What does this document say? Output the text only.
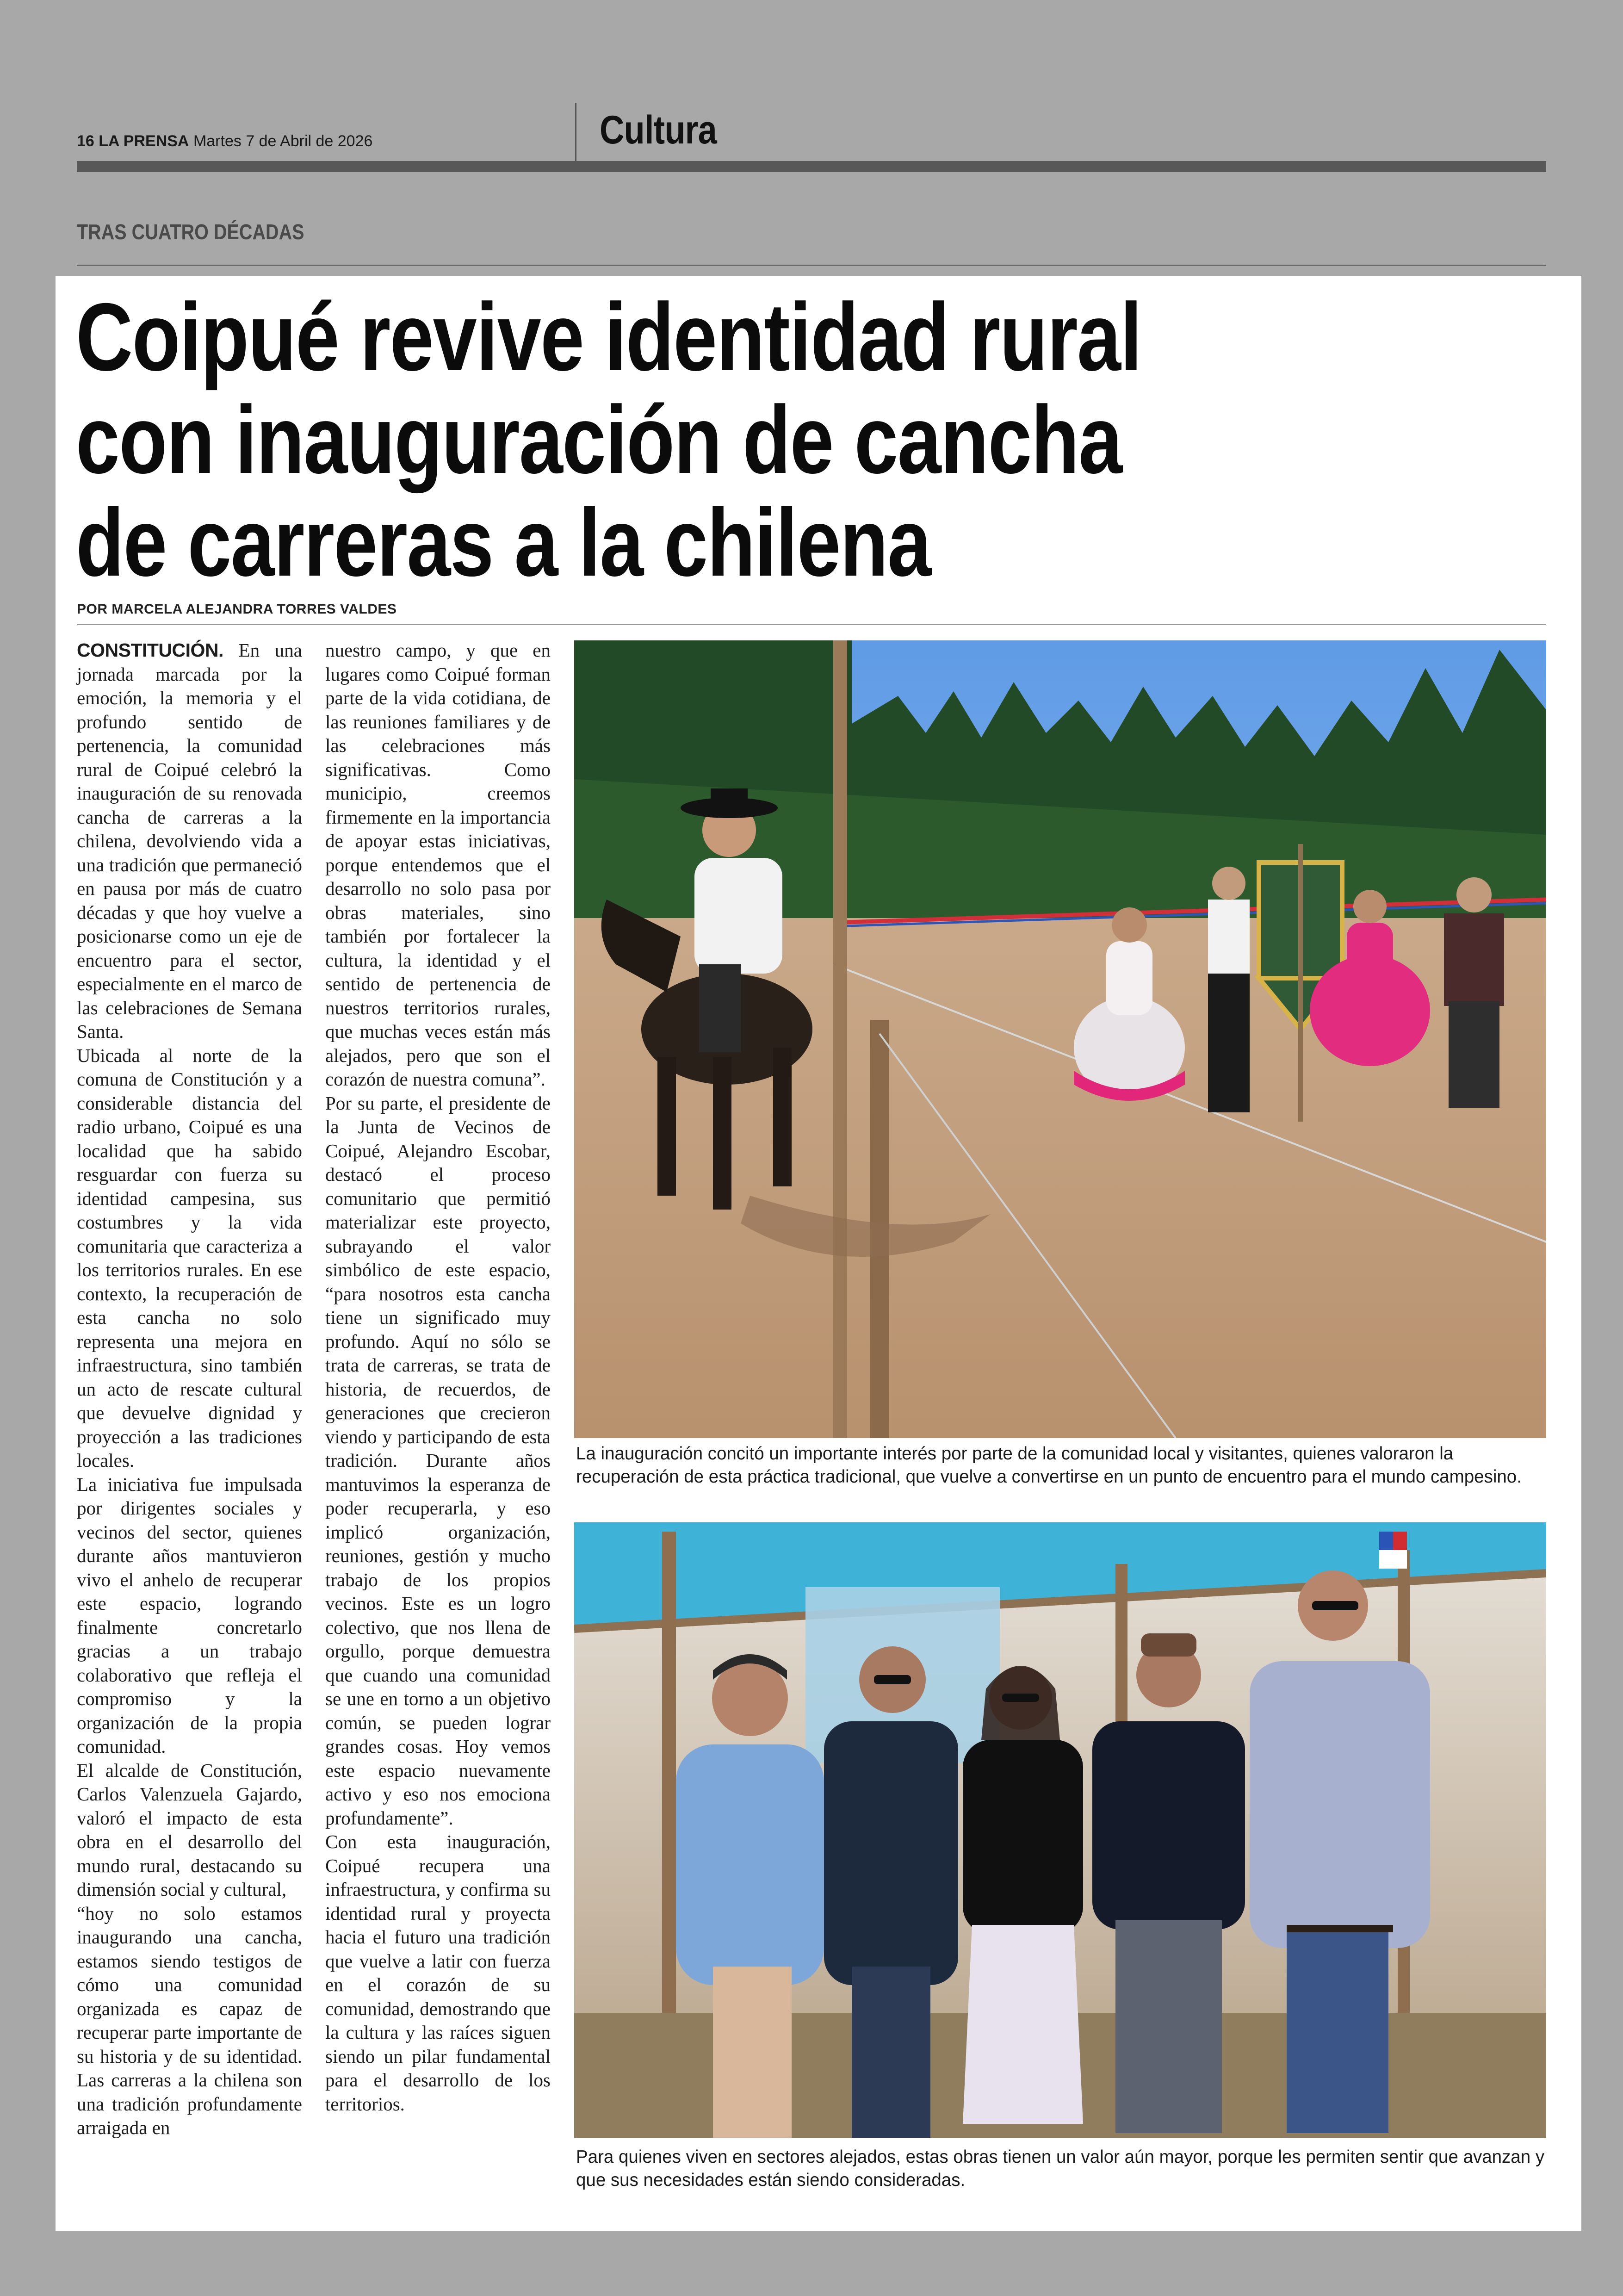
16 LA PRENSA Martes 7 de Abril de 2026	Cultura
TRAS CUATRO DÉCADAS
Coipué revive identidad rural
con inauguración de cancha
de carreras a la chilena
POR MARCELA ALEJANDRA TORRES VALDES

CONSTITUCIÓN. En una jornada marcada por la emoción, la memoria y el profundo sentido de pertenencia, la comunidad rural de Coipué celebró la inauguración de su renovada cancha de carreras a la chilena, devolviendo vida a una tradición que permaneció en pausa por más de cuatro décadas y que hoy vuelve a posicionarse como un eje de encuentro para el sector, especialmente en el marco de las celebraciones de Semana Santa.

Ubicada al norte de la comuna de Constitución y a considerable distancia del radio urbano, Coipué es una localidad que ha sabido resguardar con fuerza su identidad campesina, sus costumbres y la vida comunitaria que caracteriza a los territorios rurales. En ese contexto, la recuperación de esta cancha no solo representa una mejora en infraestructura, sino también un acto de rescate cultural que devuelve dignidad y proyección a las tradiciones locales.

La iniciativa fue impulsada por dirigentes sociales y vecinos del sector, quienes durante años mantuvieron vivo el anhelo de recuperar este espacio, logrando finalmente concretarlo gracias a un trabajo colaborativo que refleja el compromiso y la organización de la propia comunidad.

El alcalde de Constitución, Carlos Valenzuela Gajardo, valoró el impacto de esta obra en el desarrollo del mundo rural, destacando su dimensión social y cultural,

“hoy no solo estamos inaugurando una cancha, estamos siendo testigos de cómo una comunidad organizada es capaz de recuperar parte importante de su historia y de su identidad. Las carreras a la chilena son una tradición profundamente arraigada en

nuestro campo, y que en lugares como Coipué forman parte de la vida cotidiana, de las reuniones familiares y de las celebraciones más significativas. Como municipio, creemos firmemente en la importancia de apoyar estas iniciativas, porque entendemos que el desarrollo no solo pasa por obras materiales, sino también por fortalecer la cultura, la identidad y el sentido de pertenencia de nuestros territorios rurales, que muchas veces están más alejados, pero que son el corazón de nuestra comuna”.

Por su parte, el presidente de la Junta de Vecinos de Coipué, Alejandro Escobar, destacó el proceso comunitario que permitió materializar este proyecto, subrayando el valor simbólico de este espacio, “para nosotros esta cancha tiene un significado muy profundo. Aquí no sólo se trata de carreras, se trata de historia, de recuerdos, de generaciones que crecieron viendo y participando de esta tradición. Durante años mantuvimos la esperanza de poder recuperarla, y eso implicó organización, reuniones, gestión y mucho trabajo de los propios vecinos. Este es un logro colectivo, que nos llena de orgullo, porque demuestra que cuando una comunidad se une en torno a un objetivo común, se pueden lograr grandes cosas. Hoy vemos este espacio nuevamente activo y eso nos emociona profundamente”.

Con esta inauguración, Coipué recupera una infraestructura, y confirma su identidad rural y proyecta hacia el futuro una tradición que vuelve a latir con fuerza en el corazón de su comunidad, demostrando que la cultura y las raíces siguen siendo un pilar fundamental para el desarrollo de los territorios.

La inauguración concitó un importante interés por parte de la comunidad local y visitantes, quienes valoraron la recuperación de esta práctica tradicional, que vuelve a convertirse en un punto de encuentro para el mundo campesino.
Para quienes viven en sectores alejados, estas obras tienen un valor aún mayor, porque les permiten sentir que avanzan y que sus necesidades están siendo consideradas.
